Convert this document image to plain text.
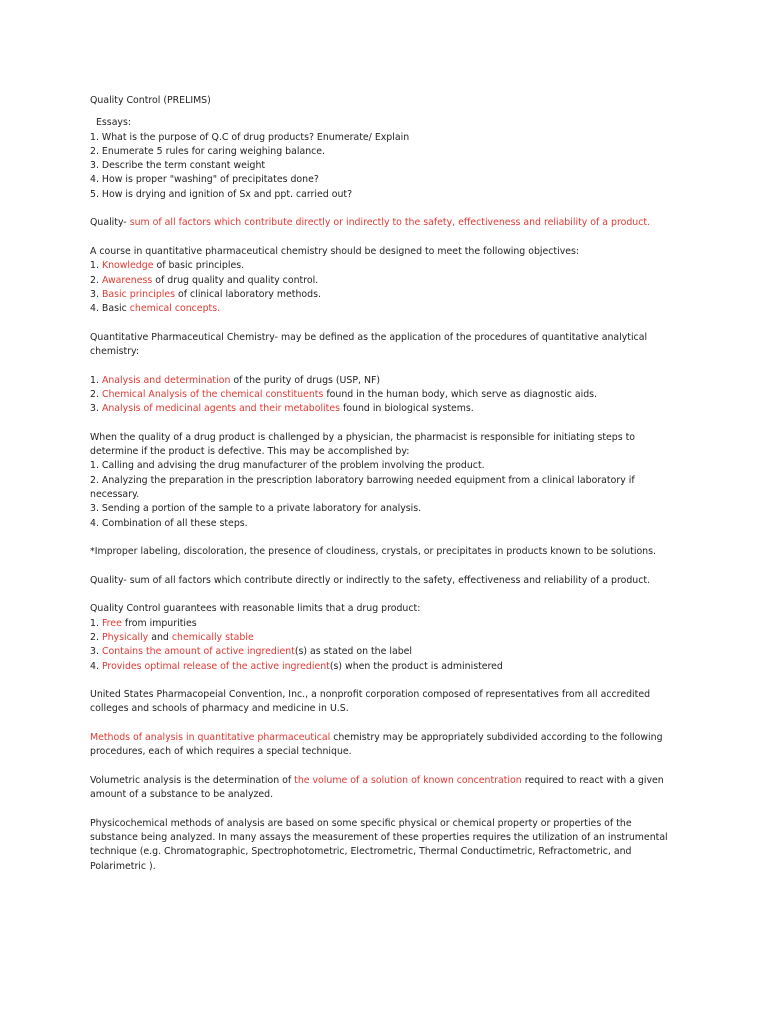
Quality Control (PRELIMS)
Essays:
1. What is the purpose of Q.C of drug products? Enumerate/ Explain
2. Enumerate 5 rules for caring weighing balance.
3. Describe the term constant weight
4. How is proper "washing" of precipitates done?
5. How is drying and ignition of Sx and ppt. carried out?
Quality- sum of all factors which contribute directly or indirectly to the safety, effectiveness and reliability of a product.
A course in quantitative pharmaceutical chemistry should be designed to meet the following objectives:
1. Knowledge of basic principles.
2. Awareness of drug quality and quality control.
3. Basic principles of clinical laboratory methods.
4. Basic chemical concepts.
Quantitative Pharmaceutical Chemistry- may be defined as the application of the procedures of quantitative analytical
chemistry:
1. Analysis and determination of the purity of drugs (USP, NF)
2. Chemical Analysis of the chemical constituents found in the human body, which serve as diagnostic aids.
3. Analysis of medicinal agents and their metabolites found in biological systems.
When the quality of a drug product is challenged by a physician, the pharmacist is responsible for initiating steps to
determine if the product is defective. This may be accomplished by:
1. Calling and advising the drug manufacturer of the problem involving the product.
2. Analyzing the preparation in the prescription laboratory barrowing needed equipment from a clinical laboratory if
necessary.
3. Sending a portion of the sample to a private laboratory for analysis.
4. Combination of all these steps.
*Improper labeling, discoloration, the presence of cloudiness, crystals, or precipitates in products known to be solutions.
Quality- sum of all factors which contribute directly or indirectly to the safety, effectiveness and reliability of a product.
Quality Control guarantees with reasonable limits that a drug product:
1. Free from impurities
2. Physically and chemically stable
3. Contains the amount of active ingredient(s) as stated on the label
4. Provides optimal release of the active ingredient(s) when the product is administered
United States Pharmacopeial Convention, Inc., a nonprofit corporation composed of representatives from all accredited
colleges and schools of pharmacy and medicine in U.S.
Methods of analysis in quantitative pharmaceutical chemistry may be appropriately subdivided according to the following
procedures, each of which requires a special technique.
Volumetric analysis is the determination of the volume of a solution of known concentration required to react with a given
amount of a substance to be analyzed.
Physicochemical methods of analysis are based on some specific physical or chemical property or properties of the
substance being analyzed. In many assays the measurement of these properties requires the utilization of an instrumental
technique (e.g. Chromatographic, Spectrophotometric, Electrometric, Thermal Conductimetric, Refractometric, and
Polarimetric ).
